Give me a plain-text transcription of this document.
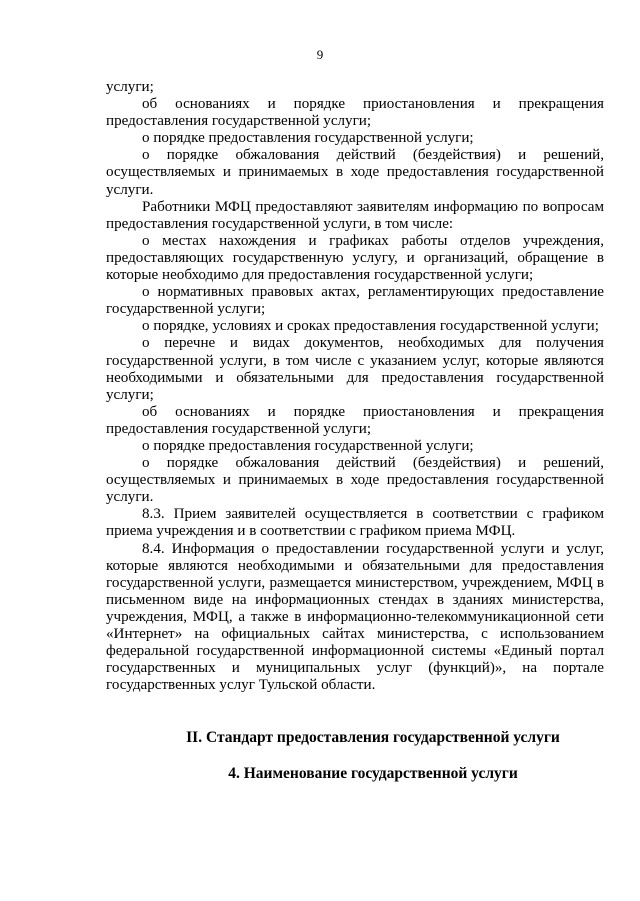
9

услуги;

об основаниях и порядке приостановления и прекращения предоставления государственной услуги;

о порядке предоставления государственной услуги;

о порядке обжалования действий (бездействия) и решений, осуществляемых и принимаемых в ходе предоставления государственной услуги.

Работники МФЦ предоставляют заявителям информацию по вопросам предоставления государственной услуги, в том числе:

о местах нахождения и графиках работы отделов учреждения, предоставляющих государственную услугу, и организаций, обращение в которые необходимо для предоставления государственной услуги;

о нормативных правовых актах, регламентирующих предоставление государственной услуги;

о порядке, условиях и сроках предоставления государственной услуги;

о перечне и видах документов, необходимых для получения государственной услуги, в том числе с указанием услуг, которые являются необходимыми и обязательными для предоставления государственной услуги;

об основаниях и порядке приостановления и прекращения предоставления государственной услуги;

о порядке предоставления государственной услуги;

о порядке обжалования действий (бездействия) и решений, осуществляемых и принимаемых в ходе предоставления государственной услуги.

8.3. Прием заявителей осуществляется в соответствии с графиком приема учреждения и в соответствии с графиком приема МФЦ.

8.4. Информация о предоставлении государственной услуги и услуг, которые являются необходимыми и обязательными для предоставления государственной услуги, размещается министерством, учреждением, МФЦ в письменном виде на информационных стендах в зданиях министерства, учреждения, МФЦ, а также в информационно-телекоммуникационной сети «Интернет» на официальных сайтах министерства, с использованием федеральной государственной информационной системы «Единый портал государственных и муниципальных услуг (функций)», на портале государственных услуг Тульской области.

II. Стандарт предоставления государственной услуги
4. Наименование государственной услуги
